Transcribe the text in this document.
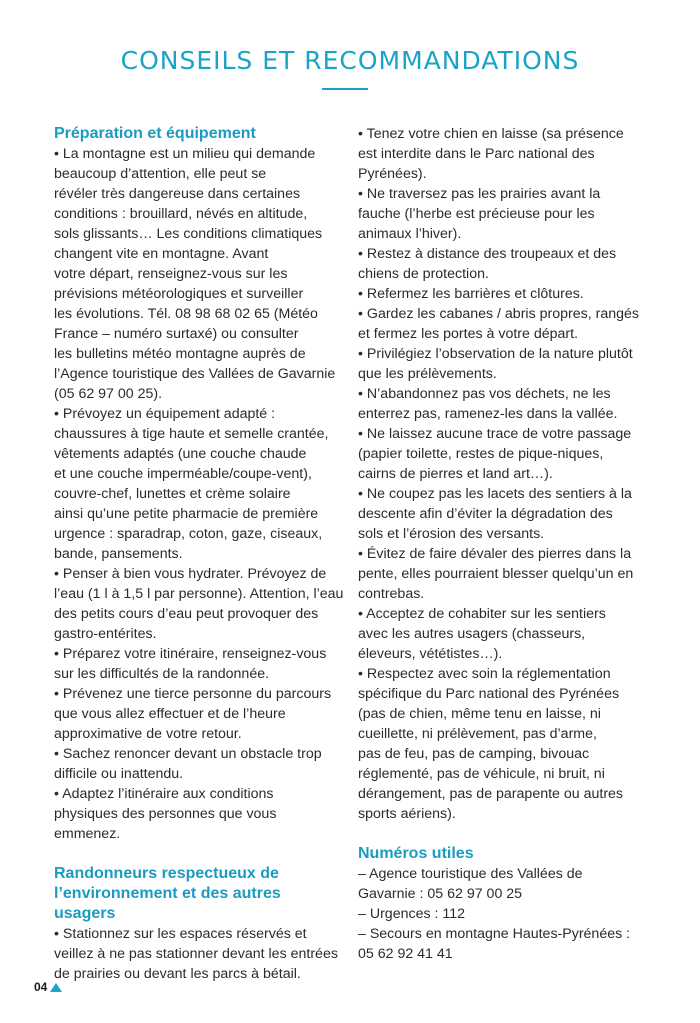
CONSEILS ET RECOMMANDATIONS
Préparation et équipement
• La montagne est un milieu qui demande
beaucoup d’attention, elle peut se
révéler très dangereuse dans certaines
conditions : brouillard, névés en altitude,
sols glissants… Les conditions climatiques
changent vite en montagne. Avant
votre départ, renseignez-vous sur les
prévisions météorologiques et surveiller
les évolutions. Tél. 08 98 68 02 65 (Météo
France – numéro surtaxé) ou consulter
les bulletins météo montagne auprès de
l’Agence touristique des Vallées de Gavarnie
(05 62 97 00 25).
• Prévoyez un équipement adapté :
chaussures à tige haute et semelle crantée,
vêtements adaptés (une couche chaude
et une couche imperméable/coupe-vent),
couvre-chef, lunettes et crème solaire
ainsi qu’une petite pharmacie de première
urgence : sparadrap, coton, gaze, ciseaux,
bande, pansements.
• Penser à bien vous hydrater. Prévoyez de
l’eau (1 l à 1,5 l par personne). Attention, l’eau
des petits cours d’eau peut provoquer des
gastro-entérites.
• Préparez votre itinéraire, renseignez-vous
sur les difficultés de la randonnée.
• Prévenez une tierce personne du parcours
que vous allez effectuer et de l’heure
approximative de votre retour.
• Sachez renoncer devant un obstacle trop
difficile ou inattendu.
• Adaptez l’itinéraire aux conditions
physiques des personnes que vous
emmenez.
Randonneurs respectueux de
l’environnement et des autres usagers
• Stationnez sur les espaces réservés et
veillez à ne pas stationner devant les entrées
de prairies ou devant les parcs à bétail.
• Tenez votre chien en laisse (sa présence
est interdite dans le Parc national des
Pyrénées).
• Ne traversez pas les prairies avant la
fauche (l’herbe est précieuse pour les
animaux l’hiver).
• Restez à distance des troupeaux et des
chiens de protection.
• Refermez les barrières et clôtures.
• Gardez les cabanes / abris propres, rangés
et fermez les portes à votre départ.
• Privilégiez l’observation de la nature plutôt
que les prélèvements.
• N’abandonnez pas vos déchets, ne les
enterrez pas, ramenez-les dans la vallée.
• Ne laissez aucune trace de votre passage
(papier toilette, restes de pique-niques,
cairns de pierres et land art…).
• Ne coupez pas les lacets des sentiers à la
descente afin d’éviter la dégradation des
sols et l’érosion des versants.
• Évitez de faire dévaler des pierres dans la
pente, elles pourraient blesser quelqu’un en
contrebas.
• Acceptez de cohabiter sur les sentiers
avec les autres usagers (chasseurs,
éleveurs, vététistes…).
• Respectez avec soin la réglementation
spécifique du Parc national des Pyrénées
(pas de chien, même tenu en laisse, ni
cueillette, ni prélèvement, pas d’arme,
pas de feu, pas de camping, bivouac
réglementé, pas de véhicule, ni bruit, ni
dérangement, pas de parapente ou autres
sports aériens).
Numéros utiles
– Agence touristique des Vallées de
Gavarnie : 05 62 97 00 25
– Urgences : 112
– Secours en montagne Hautes-Pyrénées :
05 62 92 41 41
04
